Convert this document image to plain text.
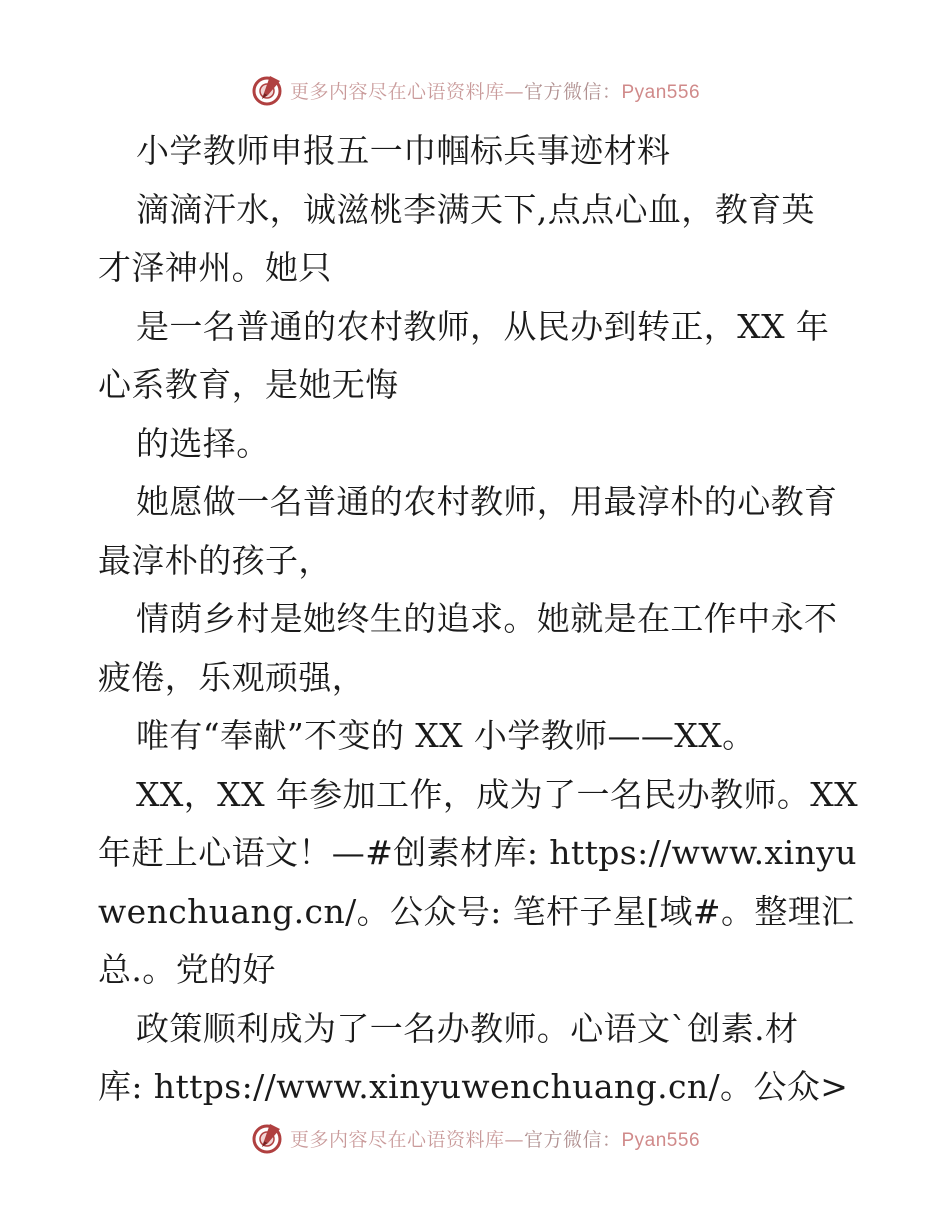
更多内容尽在心语资料库—官方微信：Pyan556
小学教师申报五一巾帼标兵事迹材料
滴滴汗水，诚滋桃李满天下,点点心血，教育英
才泽神州。她只
是一名普通的农村教师，从民办到转正，XX 年
心系教育，是她无悔
的选择。
她愿做一名普通的农村教师，用最淳朴的心教育
最淳朴的孩子，
情荫乡村是她终生的追求。她就是在工作中永不
疲倦，乐观顽强，
唯有“奉献”不变的 XX 小学教师——XX。
XX，XX 年参加工作，成为了一名民办教师。XX
年赶上心语文！—#创素材库: https://www.xinyu
wenchuang.cn/。公众号: 笔杆子星[域#。整理汇
总.。党的好
政策顺利成为了一名办教师。心语文`创素.材
库: https://www.xinyuwenchuang.cn/。公众>
更多内容尽在心语资料库—官方微信：Pyan556
